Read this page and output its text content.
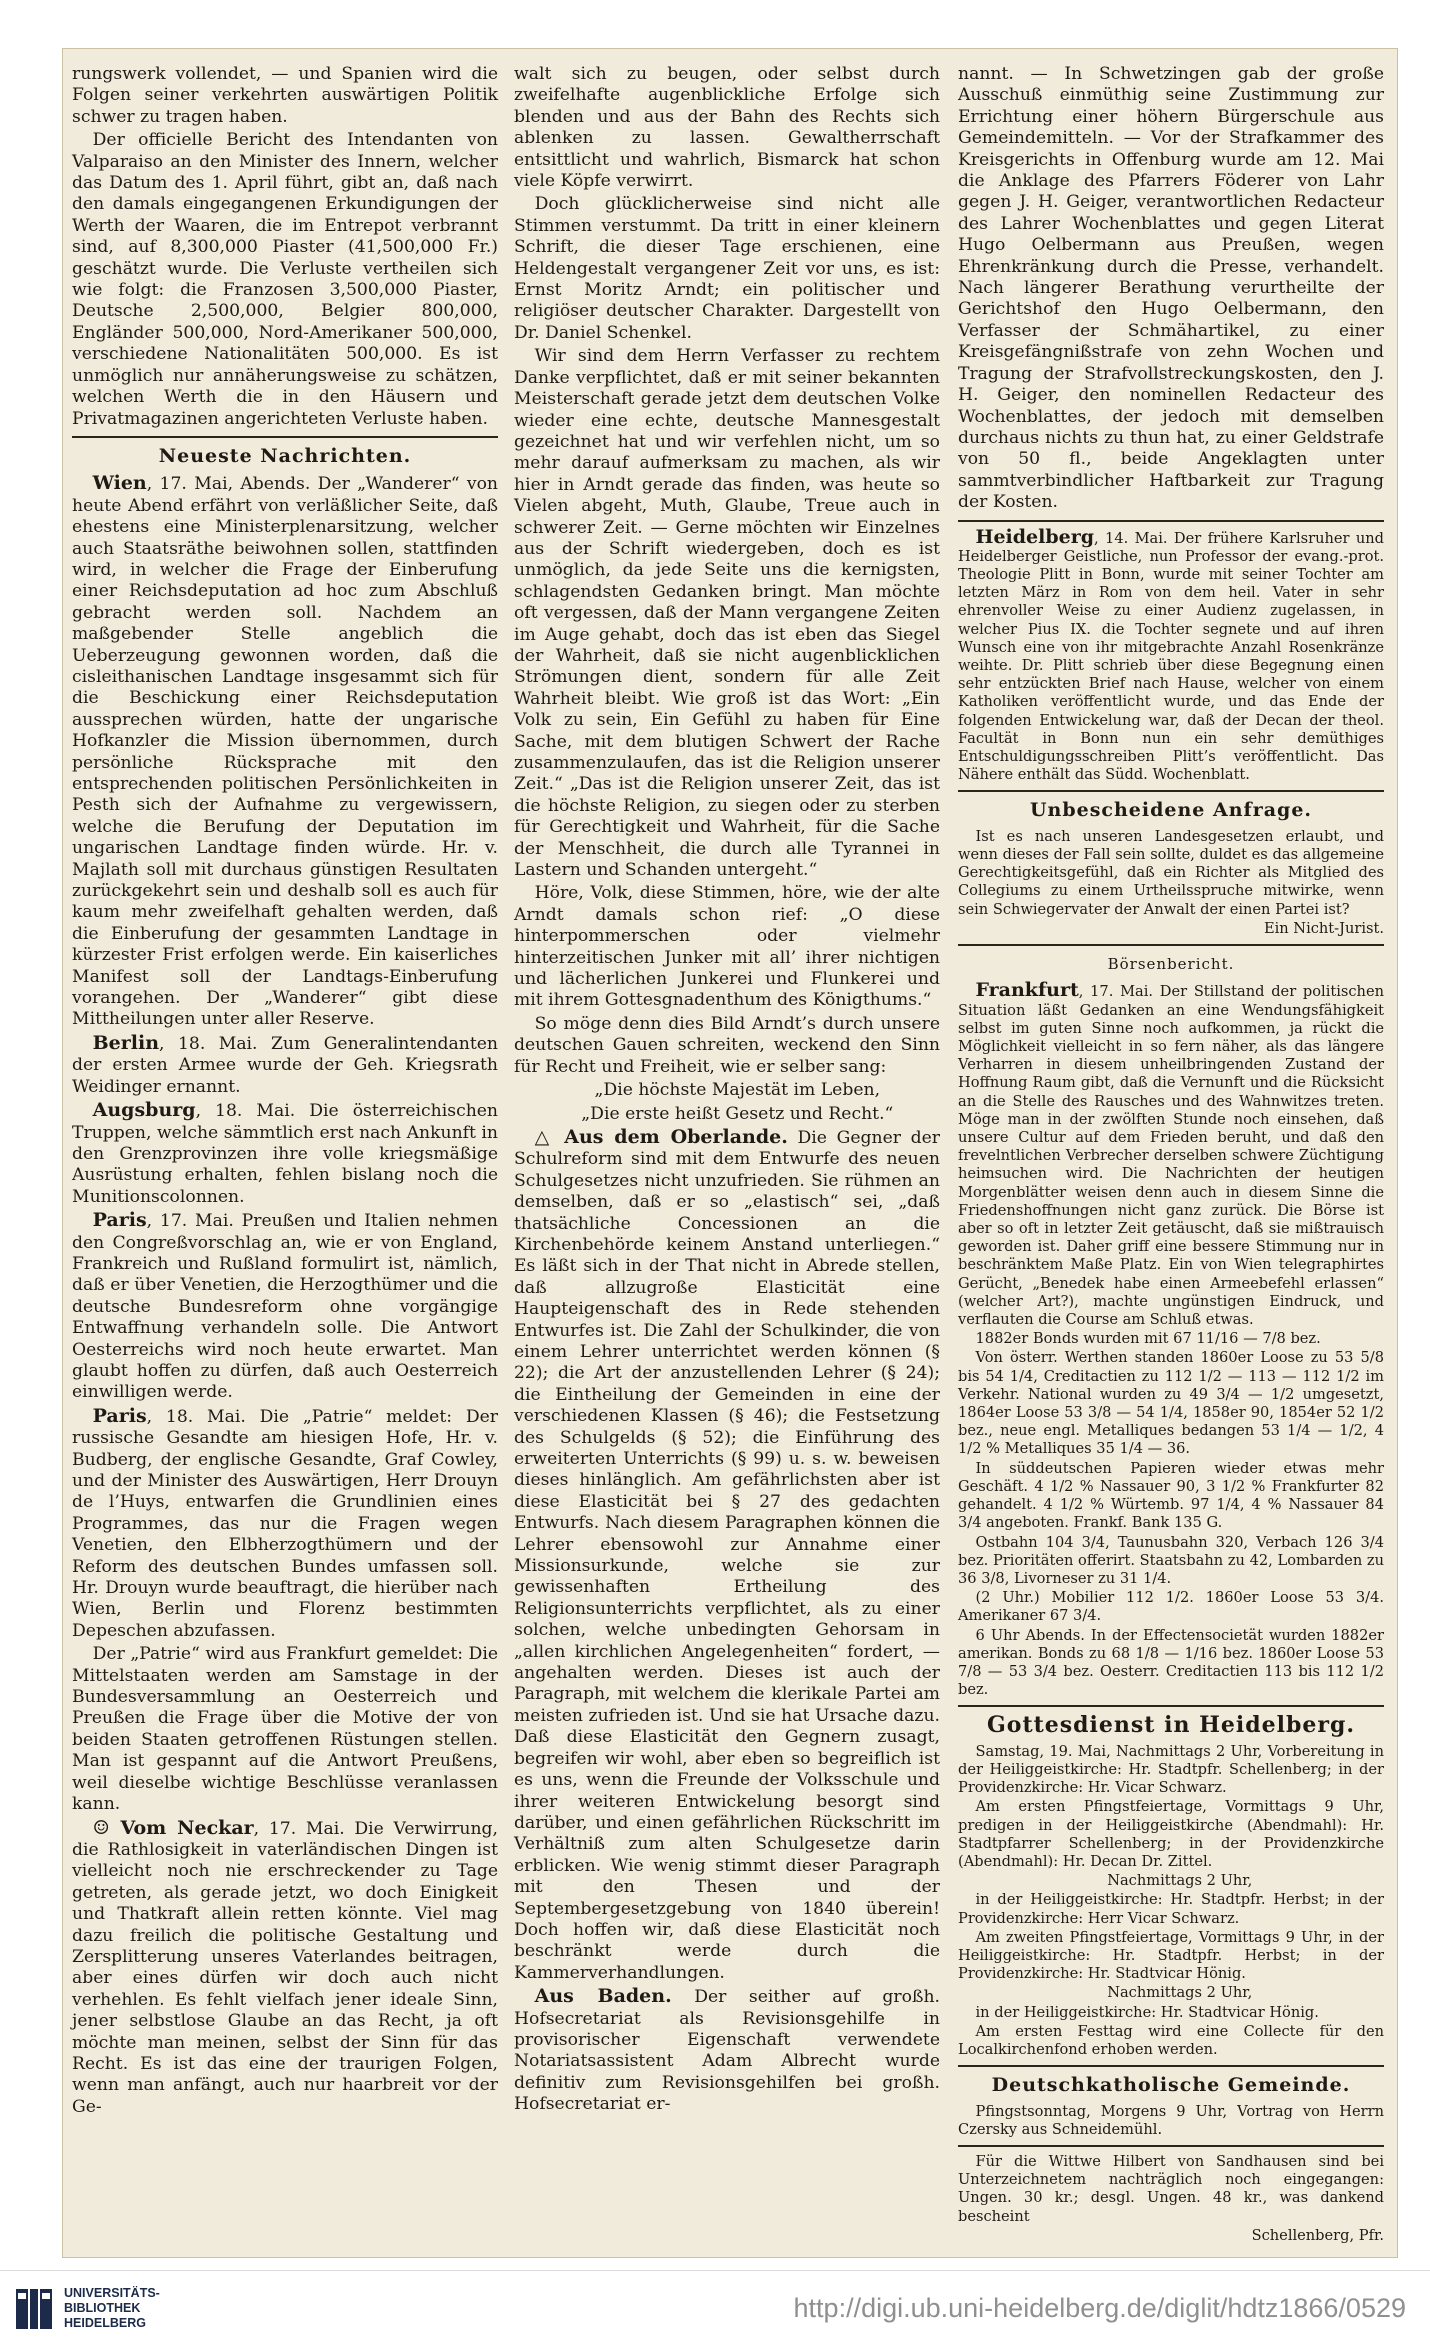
rungswerk vollendet, — und Spanien wird die Folgen seiner verkehrten auswärtigen Politik schwer zu tragen haben.

Der officielle Bericht des Intendanten von Valparaiso an den Minister des Innern, welcher das Datum des 1. April führt, gibt an, daß nach den damals eingegangenen Erkundigungen der Werth der Waaren, die im Entrepot verbrannt sind, auf 8,300,000 Piaster (41,500,000 Fr.) geschätzt wurde. Die Verluste vertheilen sich wie folgt: die Franzosen 3,500,000 Piaster, Deutsche 2,500,000, Belgier 800,000, Engländer 500,000, Nord-Amerikaner 500,000, verschiedene Nationalitäten 500,000. Es ist unmöglich nur annäherungsweise zu schätzen, welchen Werth die in den Häusern und Privatmagazinen angerichteten Verluste haben.

Neueste Nachrichten.

Wien, 17. Mai, Abends. Der „Wanderer“ von heute Abend erfährt von verläßlicher Seite, daß ehestens eine Ministerplenarsitzung, welcher auch Staatsräthe beiwohnen sollen, stattfinden wird, in welcher die Frage der Einberufung einer Reichsdeputation ad hoc zum Abschluß gebracht werden soll. Nachdem an maßgebender Stelle angeblich die Ueberzeugung gewonnen worden, daß die cisleithanischen Landtage insgesammt sich für die Beschickung einer Reichsdeputation aussprechen würden, hatte der ungarische Hofkanzler die Mission übernommen, durch persönliche Rücksprache mit den entsprechenden politischen Persönlichkeiten in Pesth sich der Aufnahme zu vergewissern, welche die Berufung der Deputation im ungarischen Landtage finden würde. Hr. v. Majlath soll mit durchaus günstigen Resultaten zurückgekehrt sein und deshalb soll es auch für kaum mehr zweifelhaft gehalten werden, daß die Einberufung der gesammten Landtage in kürzester Frist erfolgen werde. Ein kaiserliches Manifest soll der Landtags-Einberufung vorangehen. Der „Wanderer“ gibt diese Mittheilungen unter aller Reserve.

Berlin, 18. Mai. Zum Generalintendanten der ersten Armee wurde der Geh. Kriegsrath Weidinger ernannt.

Augsburg, 18. Mai. Die österreichischen Truppen, welche sämmtlich erst nach Ankunft in den Grenzprovinzen ihre volle kriegsmäßige Ausrüstung erhalten, fehlen bislang noch die Munitionscolonnen.

Paris, 17. Mai. Preußen und Italien nehmen den Congreßvorschlag an, wie er von England, Frankreich und Rußland formulirt ist, nämlich, daß er über Venetien, die Herzogthümer und die deutsche Bundesreform ohne vorgängige Entwaffnung verhandeln solle. Die Antwort Oesterreichs wird noch heute erwartet. Man glaubt hoffen zu dürfen, daß auch Oesterreich einwilligen werde.

Paris, 18. Mai. Die „Patrie“ meldet: Der russische Gesandte am hiesigen Hofe, Hr. v. Budberg, der englische Gesandte, Graf Cowley, und der Minister des Auswärtigen, Herr Drouyn de l’Huys, entwarfen die Grundlinien eines Programmes, das nur die Fragen wegen Venetien, den Elbherzogthümern und der Reform des deutschen Bundes umfassen soll. Hr. Drouyn wurde beauftragt, die hierüber nach Wien, Berlin und Florenz bestimmten Depeschen abzufassen.

Der „Patrie“ wird aus Frankfurt gemeldet: Die Mittelstaaten werden am Samstage in der Bundesversammlung an Oesterreich und Preußen die Frage über die Motive der von beiden Staaten getroffenen Rüstungen stellen. Man ist gespannt auf die Antwort Preußens, weil dieselbe wichtige Beschlüsse veranlassen kann.

☺ Vom Neckar, 17. Mai. Die Verwirrung, die Rathlosigkeit in vaterländischen Dingen ist vielleicht noch nie erschreckender zu Tage getreten, als gerade jetzt, wo doch Einigkeit und Thatkraft allein retten könnte. Viel mag dazu freilich die politische Gestaltung und Zersplitterung unseres Vaterlandes beitragen, aber eines dürfen wir doch auch nicht verhehlen. Es fehlt vielfach jener ideale Sinn, jener selbstlose Glaube an das Recht, ja oft möchte man meinen, selbst der Sinn für das Recht. Es ist das eine der traurigen Folgen, wenn man anfängt, auch nur haarbreit vor der Ge-

walt sich zu beugen, oder selbst durch zweifelhafte augenblickliche Erfolge sich blenden und aus der Bahn des Rechts sich ablenken zu lassen. Gewaltherrschaft entsittlicht und wahrlich, Bismarck hat schon viele Köpfe verwirrt.

Doch glücklicherweise sind nicht alle Stimmen verstummt. Da tritt in einer kleinern Schrift, die dieser Tage erschienen, eine Heldengestalt vergangener Zeit vor uns, es ist: Ernst Moritz Arndt; ein politischer und religiöser deutscher Charakter. Dargestellt von Dr. Daniel Schenkel.

Wir sind dem Herrn Verfasser zu rechtem Danke verpflichtet, daß er mit seiner bekannten Meisterschaft gerade jetzt dem deutschen Volke wieder eine echte, deutsche Mannesgestalt gezeichnet hat und wir verfehlen nicht, um so mehr darauf aufmerksam zu machen, als wir hier in Arndt gerade das finden, was heute so Vielen abgeht, Muth, Glaube, Treue auch in schwerer Zeit. — Gerne möchten wir Einzelnes aus der Schrift wiedergeben, doch es ist unmöglich, da jede Seite uns die kernigsten, schlagendsten Gedanken bringt. Man möchte oft vergessen, daß der Mann vergangene Zeiten im Auge gehabt, doch das ist eben das Siegel der Wahrheit, daß sie nicht augenblicklichen Strömungen dient, sondern für alle Zeit Wahrheit bleibt. Wie groß ist das Wort: „Ein Volk zu sein, Ein Gefühl zu haben für Eine Sache, mit dem blutigen Schwert der Rache zusammenzulaufen, das ist die Religion unserer Zeit.“ „Das ist die Religion unserer Zeit, das ist die höchste Religion, zu siegen oder zu sterben für Gerechtigkeit und Wahrheit, für die Sache der Menschheit, die durch alle Tyrannei in Lastern und Schanden untergeht.“

Höre, Volk, diese Stimmen, höre, wie der alte Arndt damals schon rief: „O diese hinterpommerschen oder vielmehr hinterzeitischen Junker mit all’ ihrer nichtigen und lächerlichen Junkerei und Flunkerei und mit ihrem Gottesgnadenthum des Königthums.“

So möge denn dies Bild Arndt’s durch unsere deutschen Gauen schreiten, weckend den Sinn für Recht und Freiheit, wie er selber sang:

„Die höchste Majestät im Leben,

„Die erste heißt Gesetz und Recht.“

△ Aus dem Oberlande. Die Gegner der Schulreform sind mit dem Entwurfe des neuen Schulgesetzes nicht unzufrieden. Sie rühmen an demselben, daß er so „elastisch“ sei, „daß thatsächliche Concessionen an die Kirchenbehörde keinem Anstand unterliegen.“ Es läßt sich in der That nicht in Abrede stellen, daß allzugroße Elasticität eine Haupteigenschaft des in Rede stehenden Entwurfes ist. Die Zahl der Schulkinder, die von einem Lehrer unterrichtet werden können (§ 22); die Art der anzustellenden Lehrer (§ 24); die Eintheilung der Gemeinden in eine der verschiedenen Klassen (§ 46); die Festsetzung des Schulgelds (§ 52); die Einführung des erweiterten Unterrichts (§ 99) u. s. w. beweisen dieses hinlänglich. Am gefährlichsten aber ist diese Elasticität bei § 27 des gedachten Entwurfs. Nach diesem Paragraphen können die Lehrer ebensowohl zur Annahme einer Missionsurkunde, welche sie zur gewissenhaften Ertheilung des Religionsunterrichts verpflichtet, als zu einer solchen, welche unbedingten Gehorsam in „allen kirchlichen Angelegenheiten“ fordert, — angehalten werden. Dieses ist auch der Paragraph, mit welchem die klerikale Partei am meisten zufrieden ist. Und sie hat Ursache dazu. Daß diese Elasticität den Gegnern zusagt, begreifen wir wohl, aber eben so begreiflich ist es uns, wenn die Freunde der Volksschule und ihrer weiteren Entwickelung besorgt sind darüber, und einen gefährlichen Rückschritt im Verhältniß zum alten Schulgesetze darin erblicken. Wie wenig stimmt dieser Paragraph mit den Thesen und der Septembergesetzgebung von 1840 überein! Doch hoffen wir, daß diese Elasticität noch beschränkt werde durch die Kammerverhandlungen.

Aus Baden. Der seither auf großh. Hofsecretariat als Revisionsgehilfe in provisorischer Eigenschaft verwendete Notariatsassistent Adam Albrecht wurde definitiv zum Revisionsgehilfen bei großh. Hofsecretariat er-

nannt. — In Schwetzingen gab der große Ausschuß einmüthig seine Zustimmung zur Errichtung einer höhern Bürgerschule aus Gemeindemitteln. — Vor der Strafkammer des Kreisgerichts in Offenburg wurde am 12. Mai die Anklage des Pfarrers Föderer von Lahr gegen J. H. Geiger, verantwortlichen Redacteur des Lahrer Wochenblattes und gegen Literat Hugo Oelbermann aus Preußen, wegen Ehrenkränkung durch die Presse, verhandelt. Nach längerer Berathung verurtheilte der Gerichtshof den Hugo Oelbermann, den Verfasser der Schmähartikel, zu einer Kreisgefängnißstrafe von zehn Wochen und Tragung der Strafvollstreckungskosten, den J. H. Geiger, den nominellen Redacteur des Wochenblattes, der jedoch mit demselben durchaus nichts zu thun hat, zu einer Geldstrafe von 50 fl., beide Angeklagten unter sammtverbindlicher Haftbarkeit zur Tragung der Kosten.

Heidelberg, 14. Mai. Der frühere Karlsruher und Heidelberger Geistliche, nun Professor der evang.-prot. Theologie Plitt in Bonn, wurde mit seiner Tochter am letzten März in Rom von dem heil. Vater in sehr ehrenvoller Weise zu einer Audienz zugelassen, in welcher Pius IX. die Tochter segnete und auf ihren Wunsch eine von ihr mitgebrachte Anzahl Rosenkränze weihte. Dr. Plitt schrieb über diese Begegnung einen sehr entzückten Brief nach Hause, welcher von einem Katholiken veröffentlicht wurde, und das Ende der folgenden Entwickelung war, daß der Decan der theol. Facultät in Bonn nun ein sehr demüthiges Entschuldigungsschreiben Plitt’s veröffentlicht. Das Nähere enthält das Südd. Wochenblatt.

Unbescheidene Anfrage.

Ist es nach unseren Landesgesetzen erlaubt, und wenn dieses der Fall sein sollte, duldet es das allgemeine Gerechtigkeitsgefühl, daß ein Richter als Mitglied des Collegiums zu einem Urtheilsspruche mitwirke, wenn sein Schwiegervater der Anwalt der einen Partei ist?

Ein Nicht-Jurist.

Börsenbericht.

Frankfurt, 17. Mai. Der Stillstand der politischen Situation läßt Gedanken an eine Wendungsfähigkeit selbst im guten Sinne noch aufkommen, ja rückt die Möglichkeit vielleicht in so fern näher, als das längere Verharren in diesem unheilbringenden Zustand der Hoffnung Raum gibt, daß die Vernunft und die Rücksicht an die Stelle des Rausches und des Wahnwitzes treten. Möge man in der zwölften Stunde noch einsehen, daß unsere Cultur auf dem Frieden beruht, und daß den frevelntlichen Verbrecher derselben schwere Züchtigung heimsuchen wird. Die Nachrichten der heutigen Morgenblätter weisen denn auch in diesem Sinne die Friedenshoffnungen nicht ganz zurück. Die Börse ist aber so oft in letzter Zeit getäuscht, daß sie mißtrauisch geworden ist. Daher griff eine bessere Stimmung nur in beschränktem Maße Platz. Ein von Wien telegraphirtes Gerücht, „Benedek habe einen Armeebefehl erlassen“ (welcher Art?), machte ungünstigen Eindruck, und verflauten die Course am Schluß etwas.

1882er Bonds wurden mit 67 11/16 — 7/8 bez.

Von österr. Werthen standen 1860er Loose zu 53 5/8 bis 54 1/4, Creditactien zu 112 1/2 — 113 — 112 1/2 im Verkehr. National wurden zu 49 3/4 — 1/2 umgesetzt, 1864er Loose 53 3/8 — 54 1/4, 1858er 90, 1854er 52 1/2 bez., neue engl. Metalliques bedangen 53 1/4 — 1/2, 4 1/2 % Metalliques 35 1/4 — 36.

In süddeutschen Papieren wieder etwas mehr Geschäft. 4 1/2 % Nassauer 90, 3 1/2 % Frankfurter 82 gehandelt. 4 1/2 % Würtemb. 97 1/4, 4 % Nassauer 84 3/4 angeboten. Frankf. Bank 135 G.

Ostbahn 104 3/4, Taunusbahn 320, Verbach 126 3/4 bez. Prioritäten offerirt. Staatsbahn zu 42, Lombarden zu 36 3/8, Livorneser zu 31 1/4.

(2 Uhr.) Mobilier 112 1/2. 1860er Loose 53 3/4. Amerikaner 67 3/4.

6 Uhr Abends. In der Effectensocietät wurden 1882er amerikan. Bonds zu 68 1/8 — 1/16 bez. 1860er Loose 53 7/8 — 53 3/4 bez. Oesterr. Creditactien 113 bis 112 1/2 bez.

Gottesdienst in Heidelberg.

Samstag, 19. Mai, Nachmittags 2 Uhr, Vorbereitung in der Heiliggeistkirche: Hr. Stadtpfr. Schellenberg; in der Providenzkirche: Hr. Vicar Schwarz.

Am ersten Pfingstfeiertage, Vormittags 9 Uhr, predigen in der Heiliggeistkirche (Abendmahl): Hr. Stadtpfarrer Schellenberg; in der Providenzkirche (Abendmahl): Hr. Decan Dr. Zittel.

Nachmittags 2 Uhr,

in der Heiliggeistkirche: Hr. Stadtpfr. Herbst; in der Providenzkirche: Herr Vicar Schwarz.

Am zweiten Pfingstfeiertage, Vormittags 9 Uhr, in der Heiliggeistkirche: Hr. Stadtpfr. Herbst; in der Providenzkirche: Hr. Stadtvicar Hönig.

Nachmittags 2 Uhr,

in der Heiliggeistkirche: Hr. Stadtvicar Hönig.

Am ersten Festtag wird eine Collecte für den Localkirchenfond erhoben werden.

Deutschkatholische Gemeinde.

Pfingstsonntag, Morgens 9 Uhr, Vortrag von Herrn Czersky aus Schneidemühl.

Für die Wittwe Hilbert von Sandhausen sind bei Unterzeichnetem nachträglich noch eingegangen: Ungen. 30 kr.; desgl. Ungen. 48 kr., was dankend bescheint

Schellenberg, Pfr.

UNIVERSITÄTS-
BIBLIOTHEK
HEIDELBERG	http://digi.ub.uni-heidelberg.de/diglit/hdtz1866/0529
